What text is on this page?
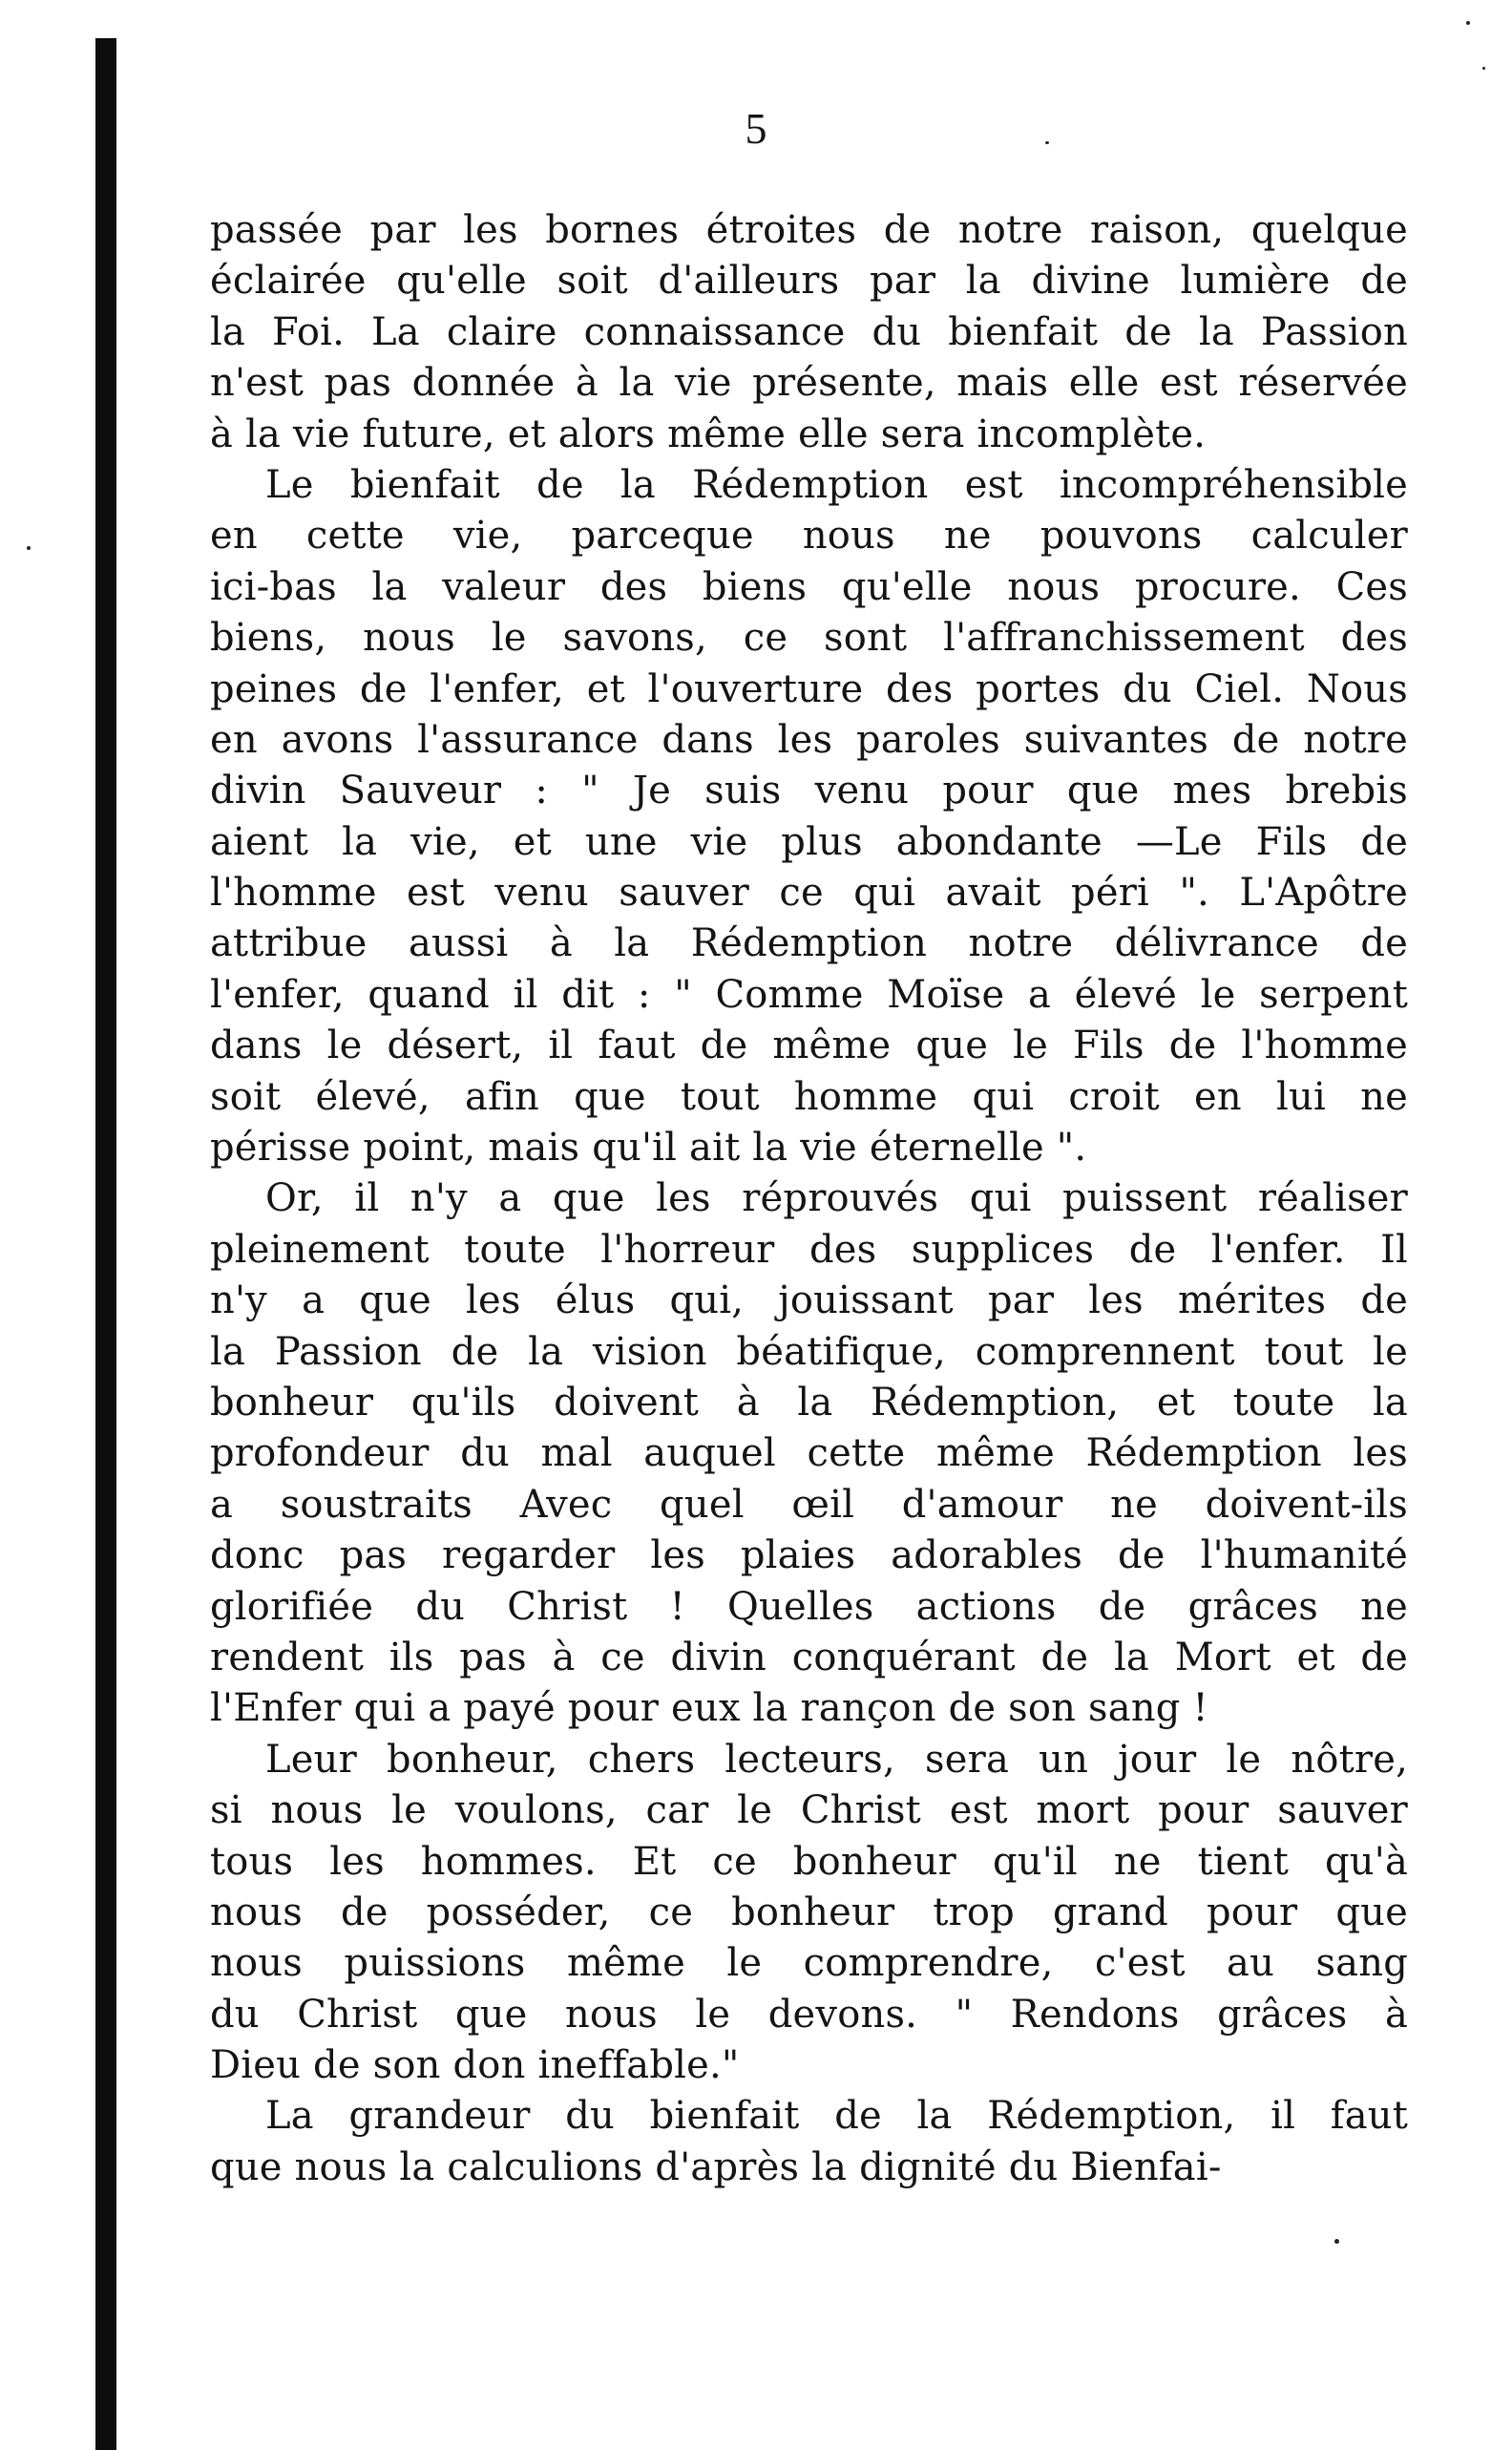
5
passée par les bornes étroites de notre raison, quelque
éclairée qu'elle soit d'ailleurs par la divine lumière de
la Foi. La claire connaissance du bienfait de la Passion
n'est pas donnée à la vie présente, mais elle est réservée
à la vie future, et alors même elle sera incomplète.
Le bienfait de la Rédemption est incompréhensible
en cette vie, parceque nous ne pouvons calculer
ici-bas la valeur des biens qu'elle nous procure. Ces
biens, nous le savons, ce sont l'affranchissement des
peines de l'enfer, et l'ouverture des portes du Ciel. Nous
en avons l'assurance dans les paroles suivantes de notre
divin Sauveur : " Je suis venu pour que mes brebis
aient la vie, et une vie plus abondante —Le Fils de
l'homme est venu sauver ce qui avait péri ". L'Apôtre
attribue aussi à la Rédemption notre délivrance de
l'enfer, quand il dit : " Comme Moïse a élevé le serpent
dans le désert, il faut de même que le Fils de l'homme
soit élevé, afin que tout homme qui croit en lui ne
périsse point, mais qu'il ait la vie éternelle ".
Or, il n'y a que les réprouvés qui puissent réaliser
pleinement toute l'horreur des supplices de l'enfer. Il
n'y a que les élus qui, jouissant par les mérites de
la Passion de la vision béatifique, comprennent tout le
bonheur qu'ils doivent à la Rédemption, et toute la
profondeur du mal auquel cette même Rédemption les
a soustraits Avec quel œil d'amour ne doivent-ils
donc pas regarder les plaies adorables de l'humanité
glorifiée du Christ ! Quelles actions de grâces ne
rendent ils pas à ce divin conquérant de la Mort et de
l'Enfer qui a payé pour eux la rançon de son sang !
Leur bonheur, chers lecteurs, sera un jour le nôtre,
si nous le voulons, car le Christ est mort pour sauver
tous les hommes. Et ce bonheur qu'il ne tient qu'à
nous de posséder, ce bonheur trop grand pour que
nous puissions même le comprendre, c'est au sang
du Christ que nous le devons. " Rendons grâces à
Dieu de son don ineffable."
La grandeur du bienfait de la Rédemption, il faut
que nous la calculions d'après la dignité du Bienfai-
